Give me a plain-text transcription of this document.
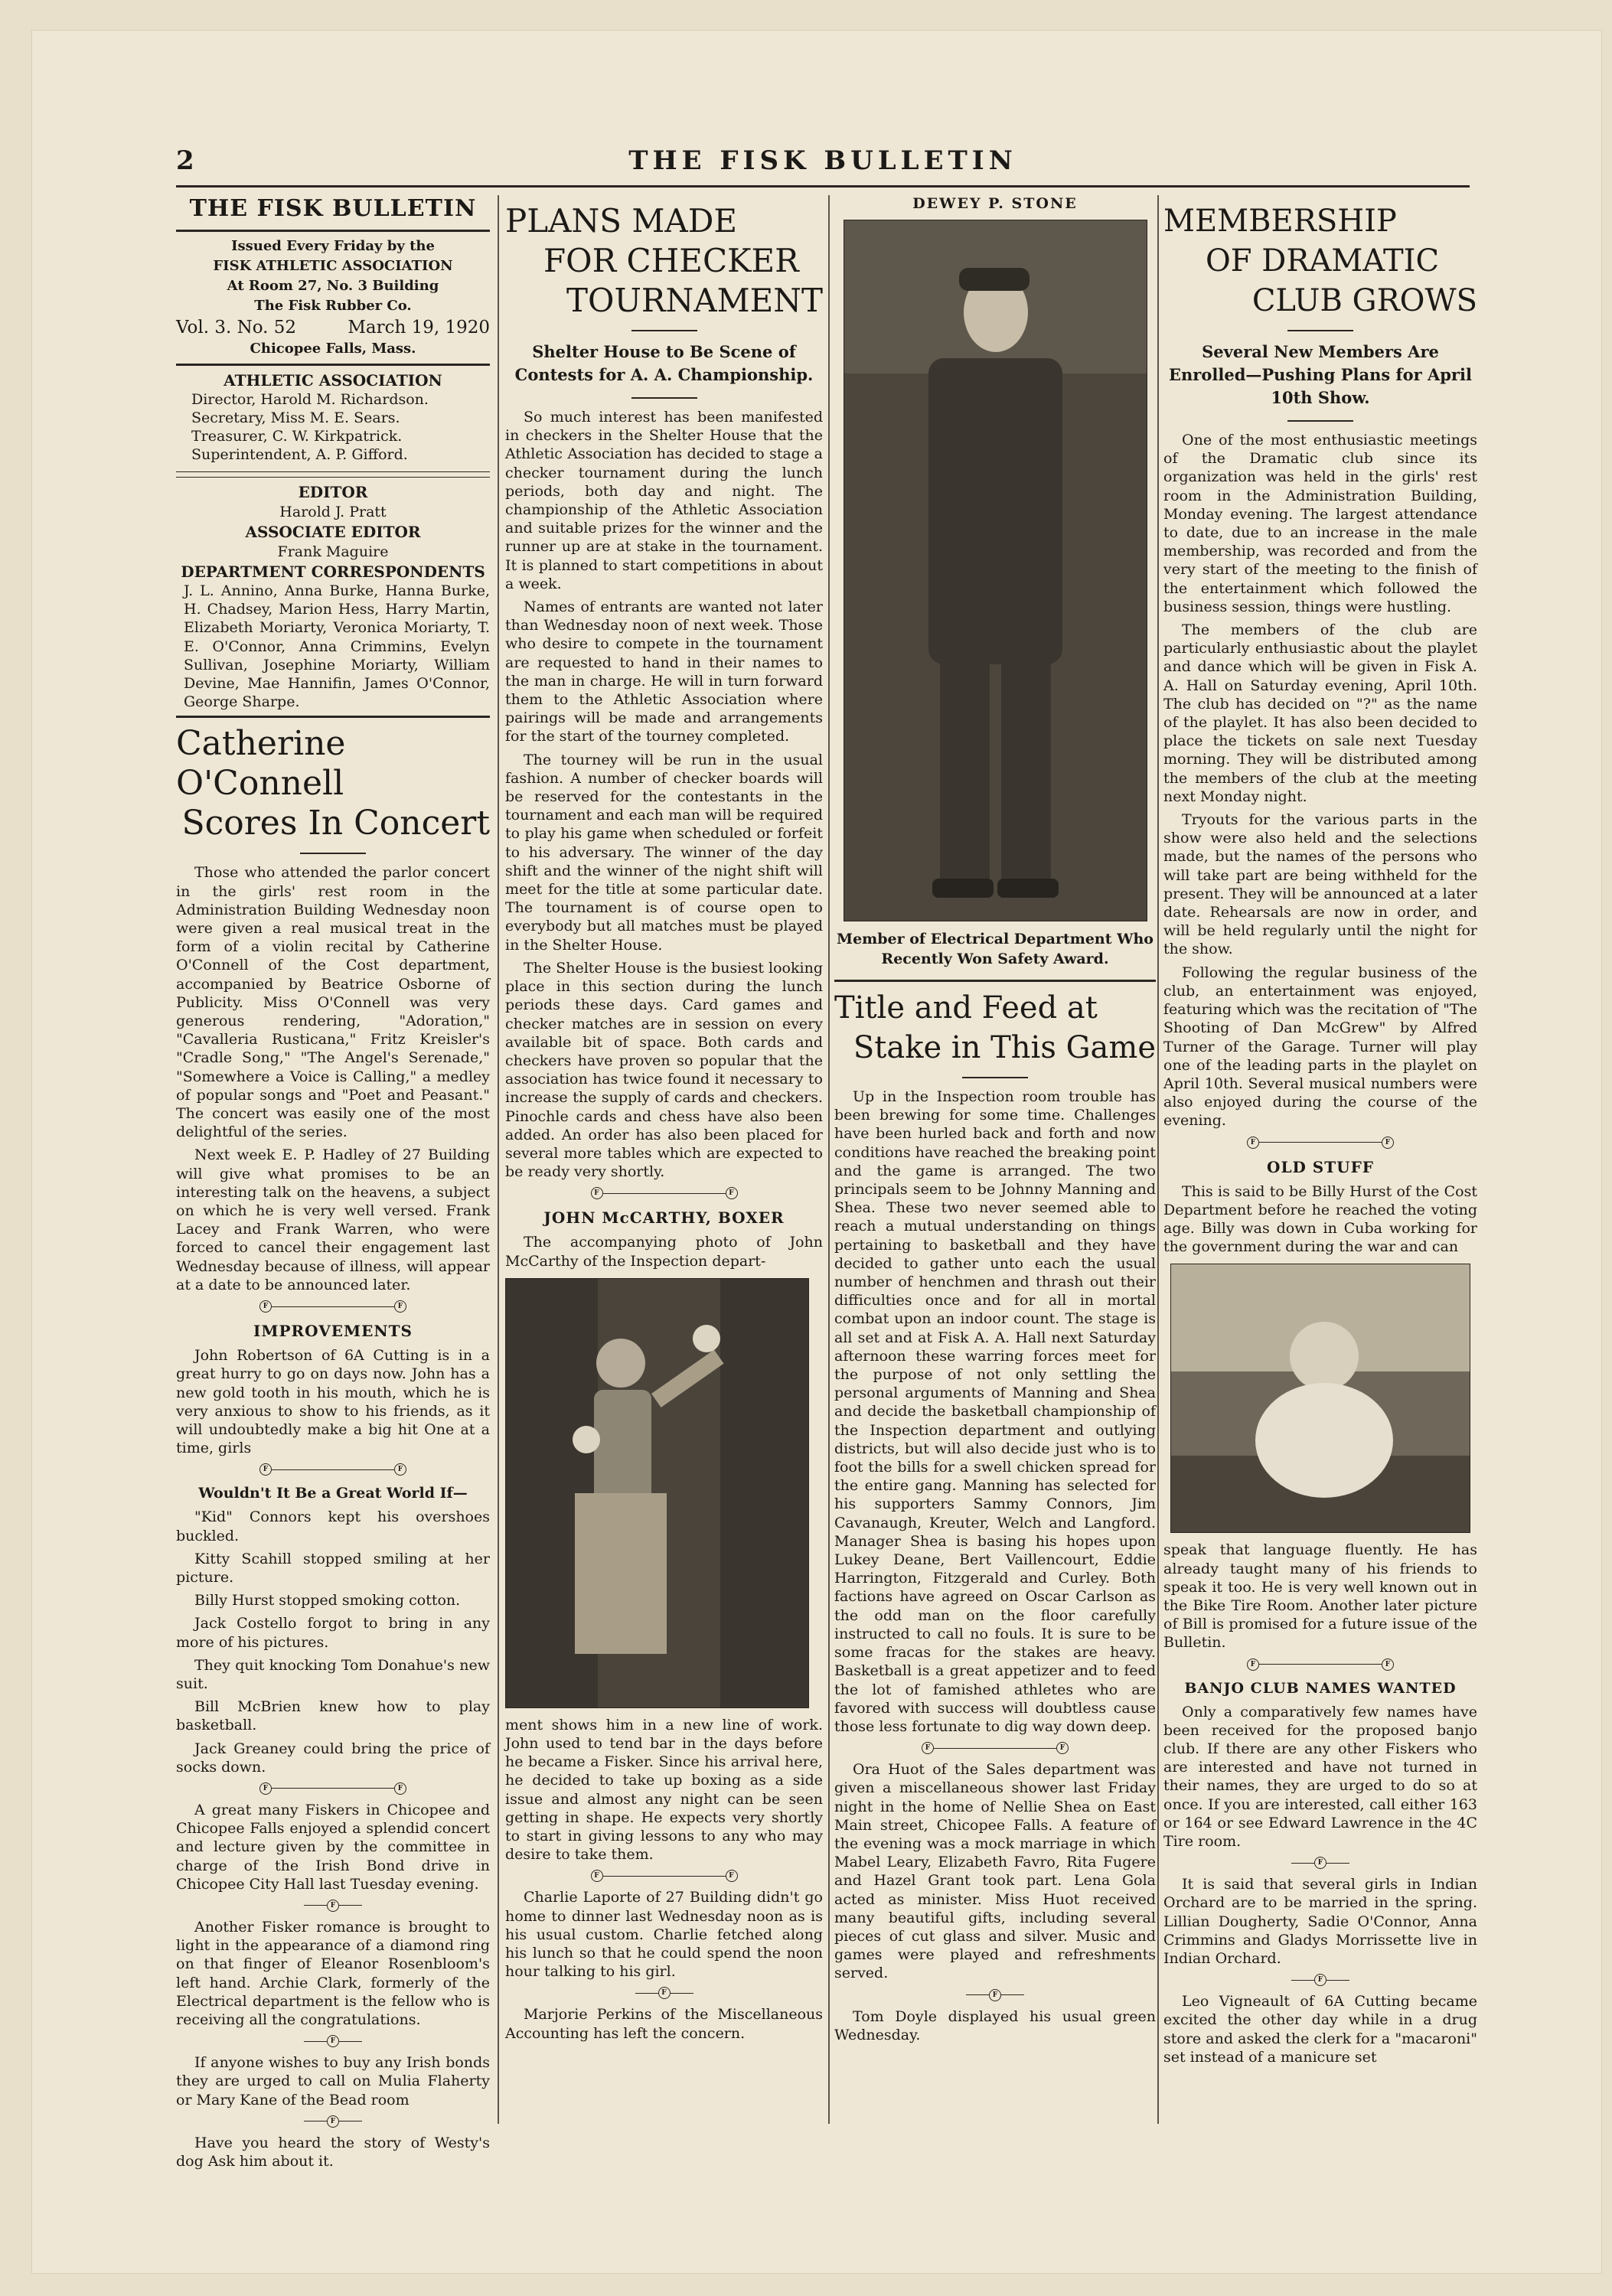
2	THE FISK BULLETIN
THE FISK BULLETIN
Issued Every Friday by the
FISK ATHLETIC ASSOCIATION
At Room 27, No. 3 Building
The Fisk Rubber Co.
Vol. 3. No. 52	March 19, 1920
Chicopee Falls, Mass.
ATHLETIC ASSOCIATION
Director, Harold M. Richardson.
Secretary, Miss M. E. Sears.
Treasurer, C. W. Kirkpatrick.
Superintendent, A. P. Gifford.
EDITOR
Harold J. Pratt
ASSOCIATE EDITOR
Frank Maguire
DEPARTMENT CORRESPONDENTS

J. L. Annino, Anna Burke, Hanna Burke, H. Chadsey, Marion Hess, Harry Martin, Elizabeth Moriarty, Veronica Moriarty, T. E. O'Connor, Anna Crimmins, Evelyn Sullivan, Josephine Moriarty, William Devine, Mae Hannifin, James O'Connor, George Sharpe.

Catherine O'Connell
Scores In Concert

Those who attended the parlor concert in the girls' rest room in the Administration Building Wednesday noon were given a real musical treat in the form of a violin recital by Catherine O'Connell of the Cost department, accompanied by Beatrice Osborne of Publicity. Miss O'Connell was very generous rendering, "Adoration," "Cavalleria Rusticana," Fritz Kreisler's "Cradle Song," "The Angel's Serenade," "Somewhere a Voice is Calling," a medley of popular songs and "Poet and Peasant." The concert was easily one of the most delightful of the series.

Next week E. P. Hadley of 27 Building will give what promises to be an interesting talk on the heavens, a subject on which he is very well versed. Frank Lacey and Frank Warren, who were forced to cancel their engagement last Wednesday because of illness, will appear at a date to be announced later.

F	F
IMPROVEMENTS

John Robertson of 6A Cutting is in a great hurry to go on days now. John has a new gold tooth in his mouth, which he is very anxious to show to his friends, as it will undoubtedly make a big hit One at a time, girls

F	F
Wouldn't It Be a Great World If—

"Kid" Connors kept his overshoes buckled.

Kitty Scahill stopped smiling at her picture.

Billy Hurst stopped smoking cotton.

Jack Costello forgot to bring in any more of his pictures.

They quit knocking Tom Donahue's new suit.

Bill McBrien knew how to play basketball.

Jack Greaney could bring the price of socks down.

F	F

A great many Fiskers in Chicopee and Chicopee Falls enjoyed a splendid concert and lecture given by the committee in charge of the Irish Bond drive in Chicopee City Hall last Tuesday evening.

F

Another Fisker romance is brought to light in the appearance of a diamond ring on that finger of Eleanor Rosenbloom's left hand. Archie Clark, formerly of the Electrical department is the fellow who is receiving all the congratulations.

F

If anyone wishes to buy any Irish bonds they are urged to call on Mulia Flaherty or Mary Kane of the Bead room

F

Have you heard the story of Westy's dog Ask him about it.

PLANS MADE
FOR CHECKER
TOURNAMENT
Shelter House to Be Scene of Contests for A. A. Championship.

So much interest has been manifested in checkers in the Shelter House that the Athletic Association has decided to stage a checker tournament during the lunch periods, both day and night. The championship of the Athletic Association and suitable prizes for the winner and the runner up are at stake in the tournament. It is planned to start competitions in about a week.

Names of entrants are wanted not later than Wednesday noon of next week. Those who desire to compete in the tournament are requested to hand in their names to the man in charge. He will in turn forward them to the Athletic Association where pairings will be made and arrangements for the start of the tourney completed.

The tourney will be run in the usual fashion. A number of checker boards will be reserved for the contestants in the tournament and each man will be required to play his game when scheduled or forfeit to his adversary. The winner of the day shift and the winner of the night shift will meet for the title at some particular date. The tournament is of course open to everybody but all matches must be played in the Shelter House.

The Shelter House is the busiest looking place in this section during the lunch periods these days. Card games and checker matches are in session on every available bit of space. Both cards and checkers have proven so popular that the association has twice found it necessary to increase the supply of cards and checkers. Pinochle cards and chess have also been added. An order has also been placed for several more tables which are expected to be ready very shortly.

F	F
JOHN McCARTHY, BOXER

The accompanying photo of John McCarthy of the Inspection depart-

ment shows him in a new line of work. John used to tend bar in the days before he became a Fisker. Since his arrival here, he decided to take up boxing as a side issue and almost any night can be seen getting in shape. He expects very shortly to start in giving lessons to any who may desire to take them.

F	F

Charlie Laporte of 27 Building didn't go home to dinner last Wednesday noon as is his usual custom. Charlie fetched along his lunch so that he could spend the noon hour talking to his girl.

F

Marjorie Perkins of the Miscellaneous Accounting has left the concern.

DEWEY P. STONE
Member of Electrical Department Who Recently Won Safety Award.
Title and Feed at
Stake in This Game

Up in the Inspection room trouble has been brewing for some time. Challenges have been hurled back and forth and now conditions have reached the breaking point and the game is arranged. The two principals seem to be Johnny Manning and Shea. These two never seemed able to reach a mutual understanding on things pertaining to basketball and they have decided to gather unto each the usual number of henchmen and thrash out their difficulties once and for all in mortal combat upon an indoor count. The stage is all set and at Fisk A. A. Hall next Saturday afternoon these warring forces meet for the purpose of not only settling the personal arguments of Manning and Shea and decide the basketball championship of the Inspection department and outlying districts, but will also decide just who is to foot the bills for a swell chicken spread for the entire gang. Manning has selected for his supporters Sammy Connors, Jim Cavanaugh, Kreuter, Welch and Langford. Manager Shea is basing his hopes upon Lukey Deane, Bert Vaillencourt, Eddie Harrington, Fitzgerald and Curley. Both factions have agreed on Oscar Carlson as the odd man on the floor carefully instructed to call no fouls. It is sure to be some fracas for the stakes are heavy. Basketball is a great appetizer and to feed the lot of famished athletes who are favored with success will doubtless cause those less fortunate to dig way down deep.

F	F

Ora Huot of the Sales department was given a miscellaneous shower last Friday night in the home of Nellie Shea on East Main street, Chicopee Falls. A feature of the evening was a mock marriage in which Mabel Leary, Elizabeth Favro, Rita Fugere and Hazel Grant took part. Lena Gola acted as minister. Miss Huot received many beautiful gifts, including several pieces of cut glass and silver. Music and games were played and refreshments served.

F

Tom Doyle displayed his usual green Wednesday.

MEMBERSHIP
OF DRAMATIC
CLUB GROWS
Several New Members Are Enrolled—Pushing Plans for April 10th Show.

One of the most enthusiastic meetings of the Dramatic club since its organization was held in the girls' rest room in the Administration Building, Monday evening. The largest attendance to date, due to an increase in the male membership, was recorded and from the very start of the meeting to the finish of the entertainment which followed the business session, things were hustling.

The members of the club are particularly enthusiastic about the playlet and dance which will be given in Fisk A. A. Hall on Saturday evening, April 10th. The club has decided on "?" as the name of the playlet. It has also been decided to place the tickets on sale next Tuesday morning. They will be distributed among the members of the club at the meeting next Monday night.

Tryouts for the various parts in the show were also held and the selections made, but the names of the persons who will take part are being withheld for the present. They will be announced at a later date. Rehearsals are now in order, and will be held regularly until the night for the show.

Following the regular business of the club, an entertainment was enjoyed, featuring which was the recitation of "The Shooting of Dan McGrew" by Alfred Turner of the Garage. Turner will play one of the leading parts in the playlet on April 10th. Several musical numbers were also enjoyed during the course of the evening.

F	F
OLD STUFF

This is said to be Billy Hurst of the Cost Department before he reached the voting age. Billy was down in Cuba working for the government during the war and can

speak that language fluently. He has already taught many of his friends to speak it too. He is very well known out in the Bike Tire Room. Another later picture of Bill is promised for a future issue of the Bulletin.

F	F
BANJO CLUB NAMES WANTED

Only a comparatively few names have been received for the proposed banjo club. If there are any other Fiskers who are interested and have not turned in their names, they are urged to do so at once. If you are interested, call either 163 or 164 or see Edward Lawrence in the 4C Tire room.

F

It is said that several girls in Indian Orchard are to be married in the spring. Lillian Dougherty, Sadie O'Connor, Anna Crimmins and Gladys Morrissette live in Indian Orchard.

F

Leo Vigneault of 6A Cutting became excited the other day while in a drug store and asked the clerk for a "macaroni" set instead of a manicure set
